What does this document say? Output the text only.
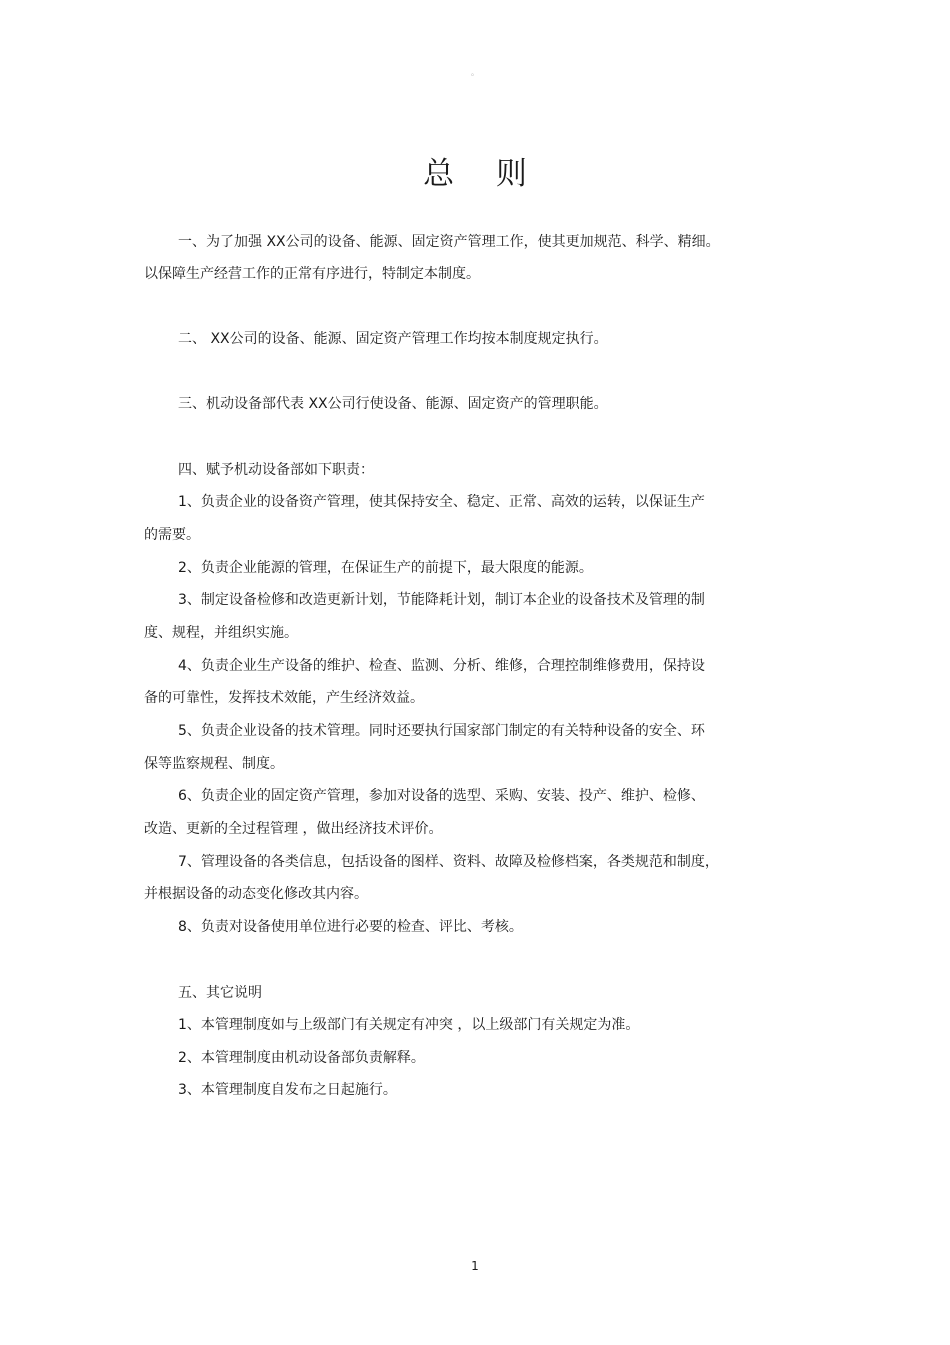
。
总 则
一、为了加强 XX公司的设备、能源、固定资产管理工作，使其更加规范、科学、精细。
以保障生产经营工作的正常有序进行，特制定本制度。
二、 XX公司的设备、能源、固定资产管理工作均按本制度规定执行。
三、机动设备部代表 XX公司行使设备、能源、固定资产的管理职能。
四、赋予机动设备部如下职责：
1、负责企业的设备资产管理，使其保持安全、稳定、正常、高效的运转，以保证生产
的需要。
2、负责企业能源的管理，在保证生产的前提下，最大限度的能源。
3、制定设备检修和改造更新计划，节能降耗计划，制订本企业的设备技术及管理的制
度、规程，并组织实施。
4、负责企业生产设备的维护、检查、监测、分析、维修，合理控制维修费用，保持设
备的可靠性，发挥技术效能，产生经济效益。
5、负责企业设备的技术管理。同时还要执行国家部门制定的有关特种设备的安全、环
保等监察规程、制度。
6、负责企业的固定资产管理，参加对设备的选型、采购、安装、投产、维护、检修、
改造、更新的全过程管理 ，做出经济技术评价。
7、管理设备的各类信息，包括设备的图样、资料、故障及检修档案，各类规范和制度，
并根据设备的动态变化修改其内容。
8、负责对设备使用单位进行必要的检查、评比、考核。
五、其它说明
1、本管理制度如与上级部门有关规定有冲突 ，以上级部门有关规定为准。
2、本管理制度由机动设备部负责解释。
3、本管理制度自发布之日起施行。
1
